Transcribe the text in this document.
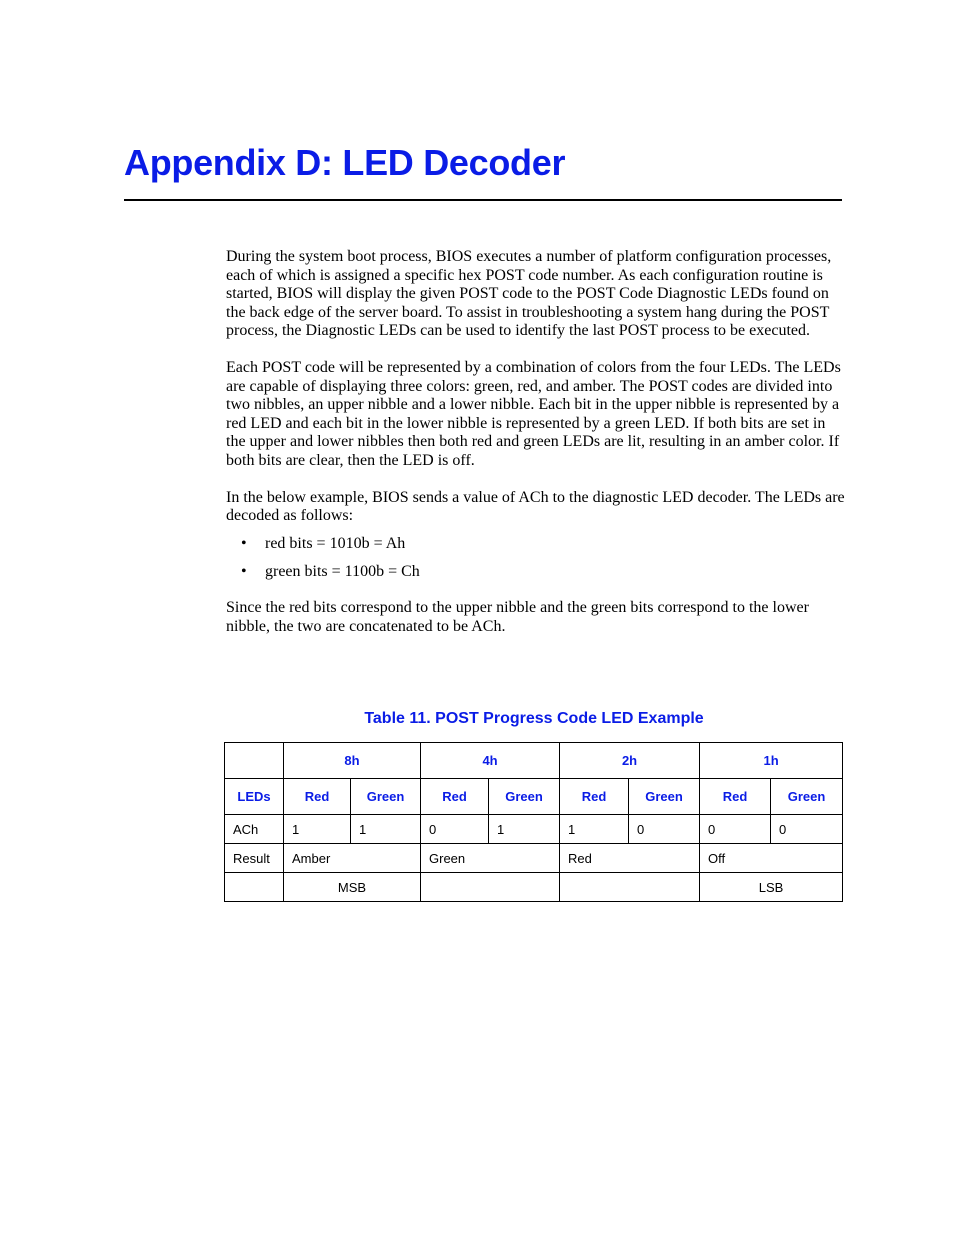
Appendix D: LED Decoder

During the system boot process, BIOS executes a number of platform configuration processes, each of which is assigned a specific hex POST code number. As each configuration routine is started, BIOS will display the given POST code to the POST Code Diagnostic LEDs found on the back edge of the server board. To assist in troubleshooting a system hang during the POST process, the Diagnostic LEDs can be used to identify the last POST process to be executed.

Each POST code will be represented by a combination of colors from the four LEDs. The LEDs are capable of displaying three colors: green, red, and amber. The POST codes are divided into two nibbles, an upper nibble and a lower nibble. Each bit in the upper nibble is represented by a red LED and each bit in the lower nibble is represented by a green LED. If both bits are set in the upper and lower nibbles then both red and green LEDs are lit, resulting in an amber color. If both bits are clear, then the LED is off.

In the below example, BIOS sends a value of ACh to the diagnostic LED decoder. The LEDs are decoded as follows:

• red bits = 1010b = Ah
• green bits = 1100b = Ch

Since the red bits correspond to the upper nibble and the green bits correspond to the lower nibble, the two are concatenated to be ACh.

Table 11. POST Progress Code LED Example
	8h		4h		2h		1h	
LEDs	Red	Green	Red	Green	Red	Green	Red	Green
ACh	1	1	0	1	1	0	0	0
Result	Amber		Green		Red		Off	
	MSB						LSB	
